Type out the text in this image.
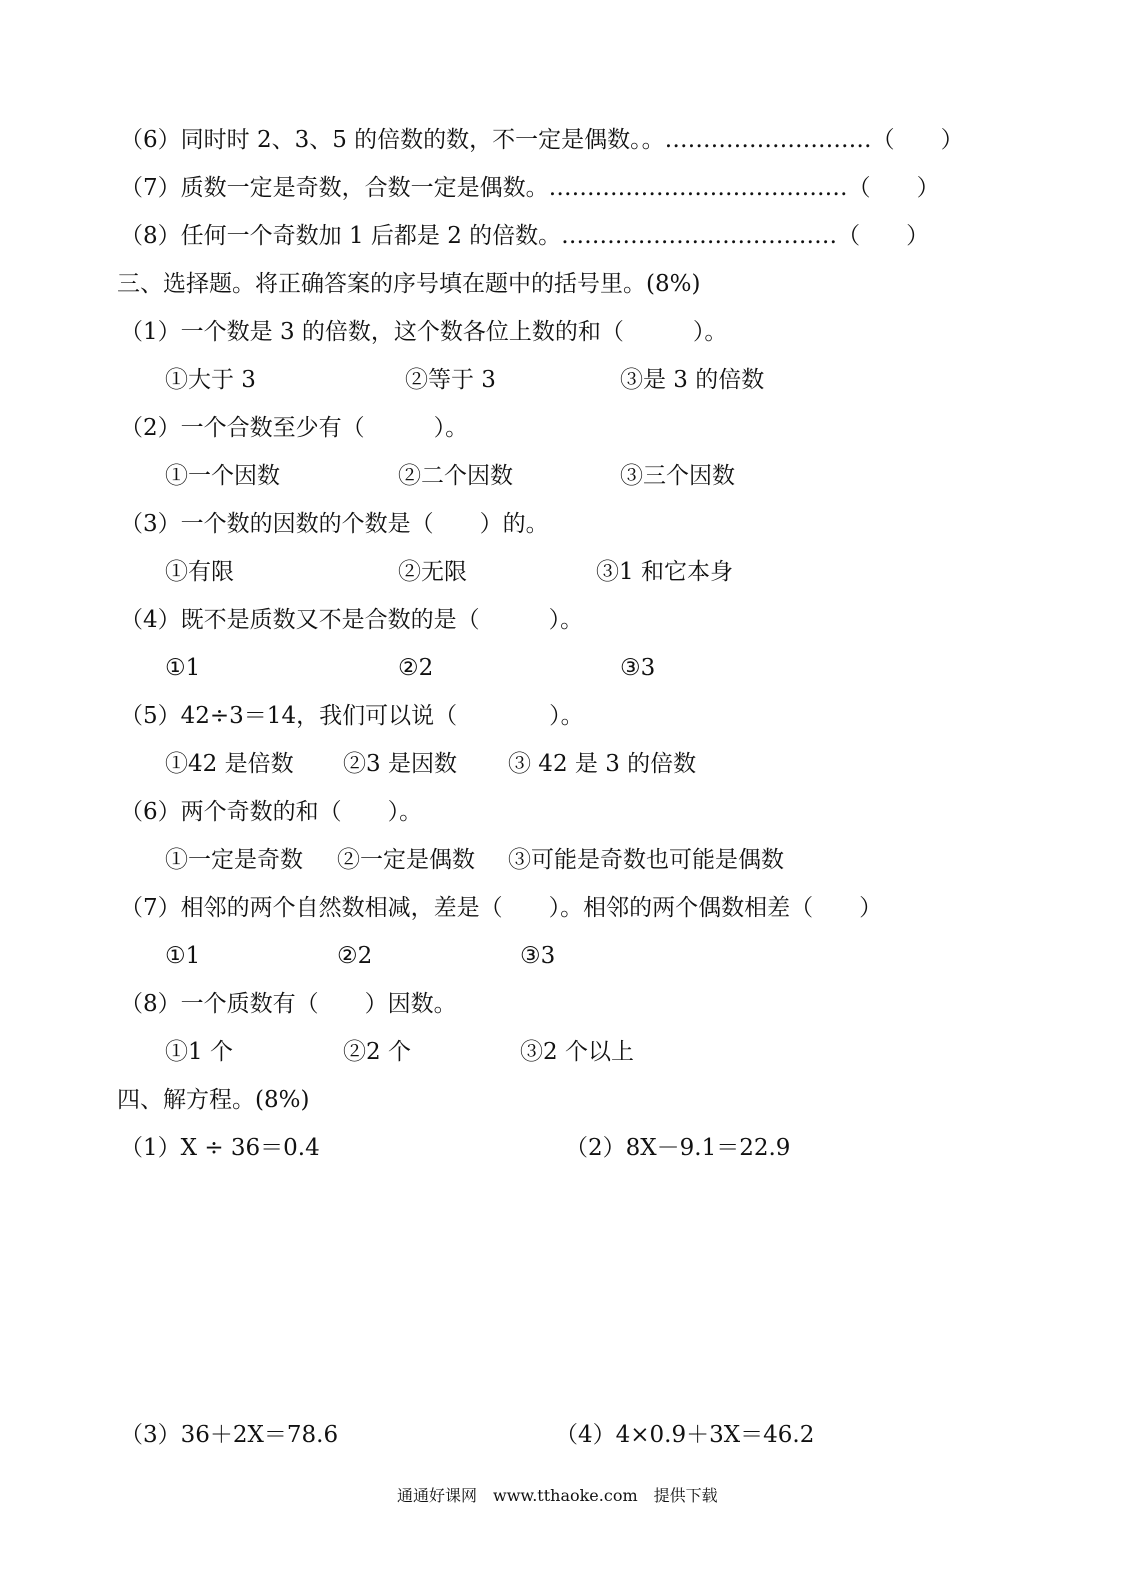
（6）同时时 2、3、5 的倍数的数，不一定是偶数。。………………………（　　）
（7）质数一定是奇数，合数一定是偶数。…………………………………（　　）
（8）任何一个奇数加 1 后都是 2 的倍数。………………………………（　　）
三、选择题。将正确答案的序号填在题中的括号里。(8%)
（1）一个数是 3 的倍数，这个数各位上数的和（　　　）。
①大于 3	②等于 3	③是 3 的倍数
（2）一个合数至少有（　　　）。
①一个因数	②二个因数	③三个因数
（3）一个数的因数的个数是（　　）的。
①有限	②无限	③1 和它本身
（4）既不是质数又不是合数的是（　　　）。
①1	②2	③3
（5）42÷3＝14，我们可以说（　　　　）。
①42 是倍数 ②3 是因数 ③ 42 是 3 的倍数
（6）两个奇数的和（　　）。
①一定是奇数 ②一定是偶数 ③可能是奇数也可能是偶数
（7）相邻的两个自然数相减，差是（　　）。相邻的两个偶数相差（　　）
①1	②2	③3
（8）一个质数有（　　）因数。
①1 个	②2 个	③2 个以上
四、解方程。(8%)
（1）X ÷ 36＝0.4	（2）8X－9.1＝22.9
（3）36＋2X＝78.6	（4）4×0.9＋3X＝46.2
通通好课网　www.tthaoke.com　提供下载
